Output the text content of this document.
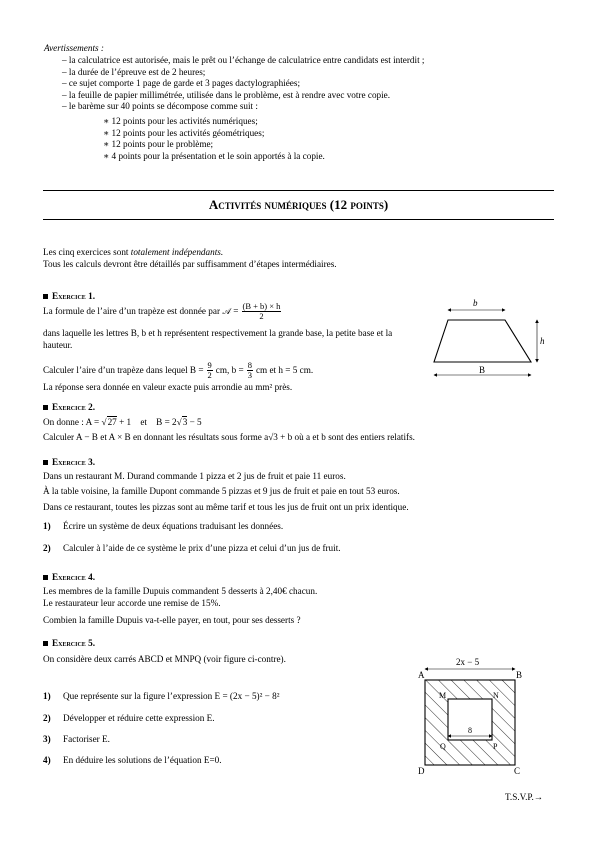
Avertissements :
– la calculatrice est autorisée, mais le prêt ou l’échange de calculatrice entre candidats est interdit ;
– la durée de l’épreuve est de 2 heures;
– ce sujet comporte 1 page de garde et 3 pages dactylographiées;
– la feuille de papier millimétrée, utilisée dans le problème, est à rendre avec votre copie.
– le barème sur 40 points se décompose comme suit :
∗ 12 points pour les activités numériques;
∗ 12 points pour les activités géométriques;
∗ 12 points pour le problème;
∗ 4 points pour la présentation et le soin apportés à la copie.
Activités numériques (12 points)
Les cinq exercices sont totalement indépendants.
Tous les calculs devront être détaillés par suffisamment d’étapes intermédiaires.
Exercice 1.
La formule de l’aire d’un trapèze est donnée par 𝒜 = $\frac{(B + b) \times h}{2}$
dans laquelle les lettres B, b et h représentent respectivement la grande base, la petite base et la hauteur.
Calculer l’aire d’un trapèze dans lequel $B = \frac{9}{2}$ cm, $b = \frac{8}{3}$ cm et h = 5 cm.
La réponse sera donnée en valeur exacte puis arrondie au mm² près.
b
h
B
Exercice 2.
On donne : A = √27 + 1    et    B = 2√3 − 5
Calculer A − B et A × B en donnant les résultats sous forme a√3 + b où a et b sont des entiers relatifs.
Exercice 3.
Dans un restaurant M. Durand commande 1 pizza et 2 jus de fruit et paie 11 euros.
À la table voisine, la famille Dupont commande 5 pizzas et 9 jus de fruit et paie en tout 53 euros.
Dans ce restaurant, toutes les pizzas sont au même tarif et tous les jus de fruit ont un prix identique.
1)	Écrire un système de deux équations traduisant les données.
2)	Calculer à l’aide de ce système le prix d’une pizza et celui d’un jus de fruit.
Exercice 4.
Les membres de la famille Dupuis commandent 5 desserts à 2,40€ chacun.
Le restaurateur leur accorde une remise de 15%.
Combien la famille Dupuis va-t-elle payer, en tout, pour ses desserts ?
Exercice 5.
On considère deux carrés ABCD et MNPQ (voir figure ci-contre).
1)	Que représente sur la figure l’expression E = (2x − 5)² − 8²
2)	Développer et réduire cette expression E.
3)	Factoriser E.
4)	En déduire les solutions de l’équation E=0.
2x − 5
A	B
C
D
M	N
P
Q
8
T.S.V.P.→
